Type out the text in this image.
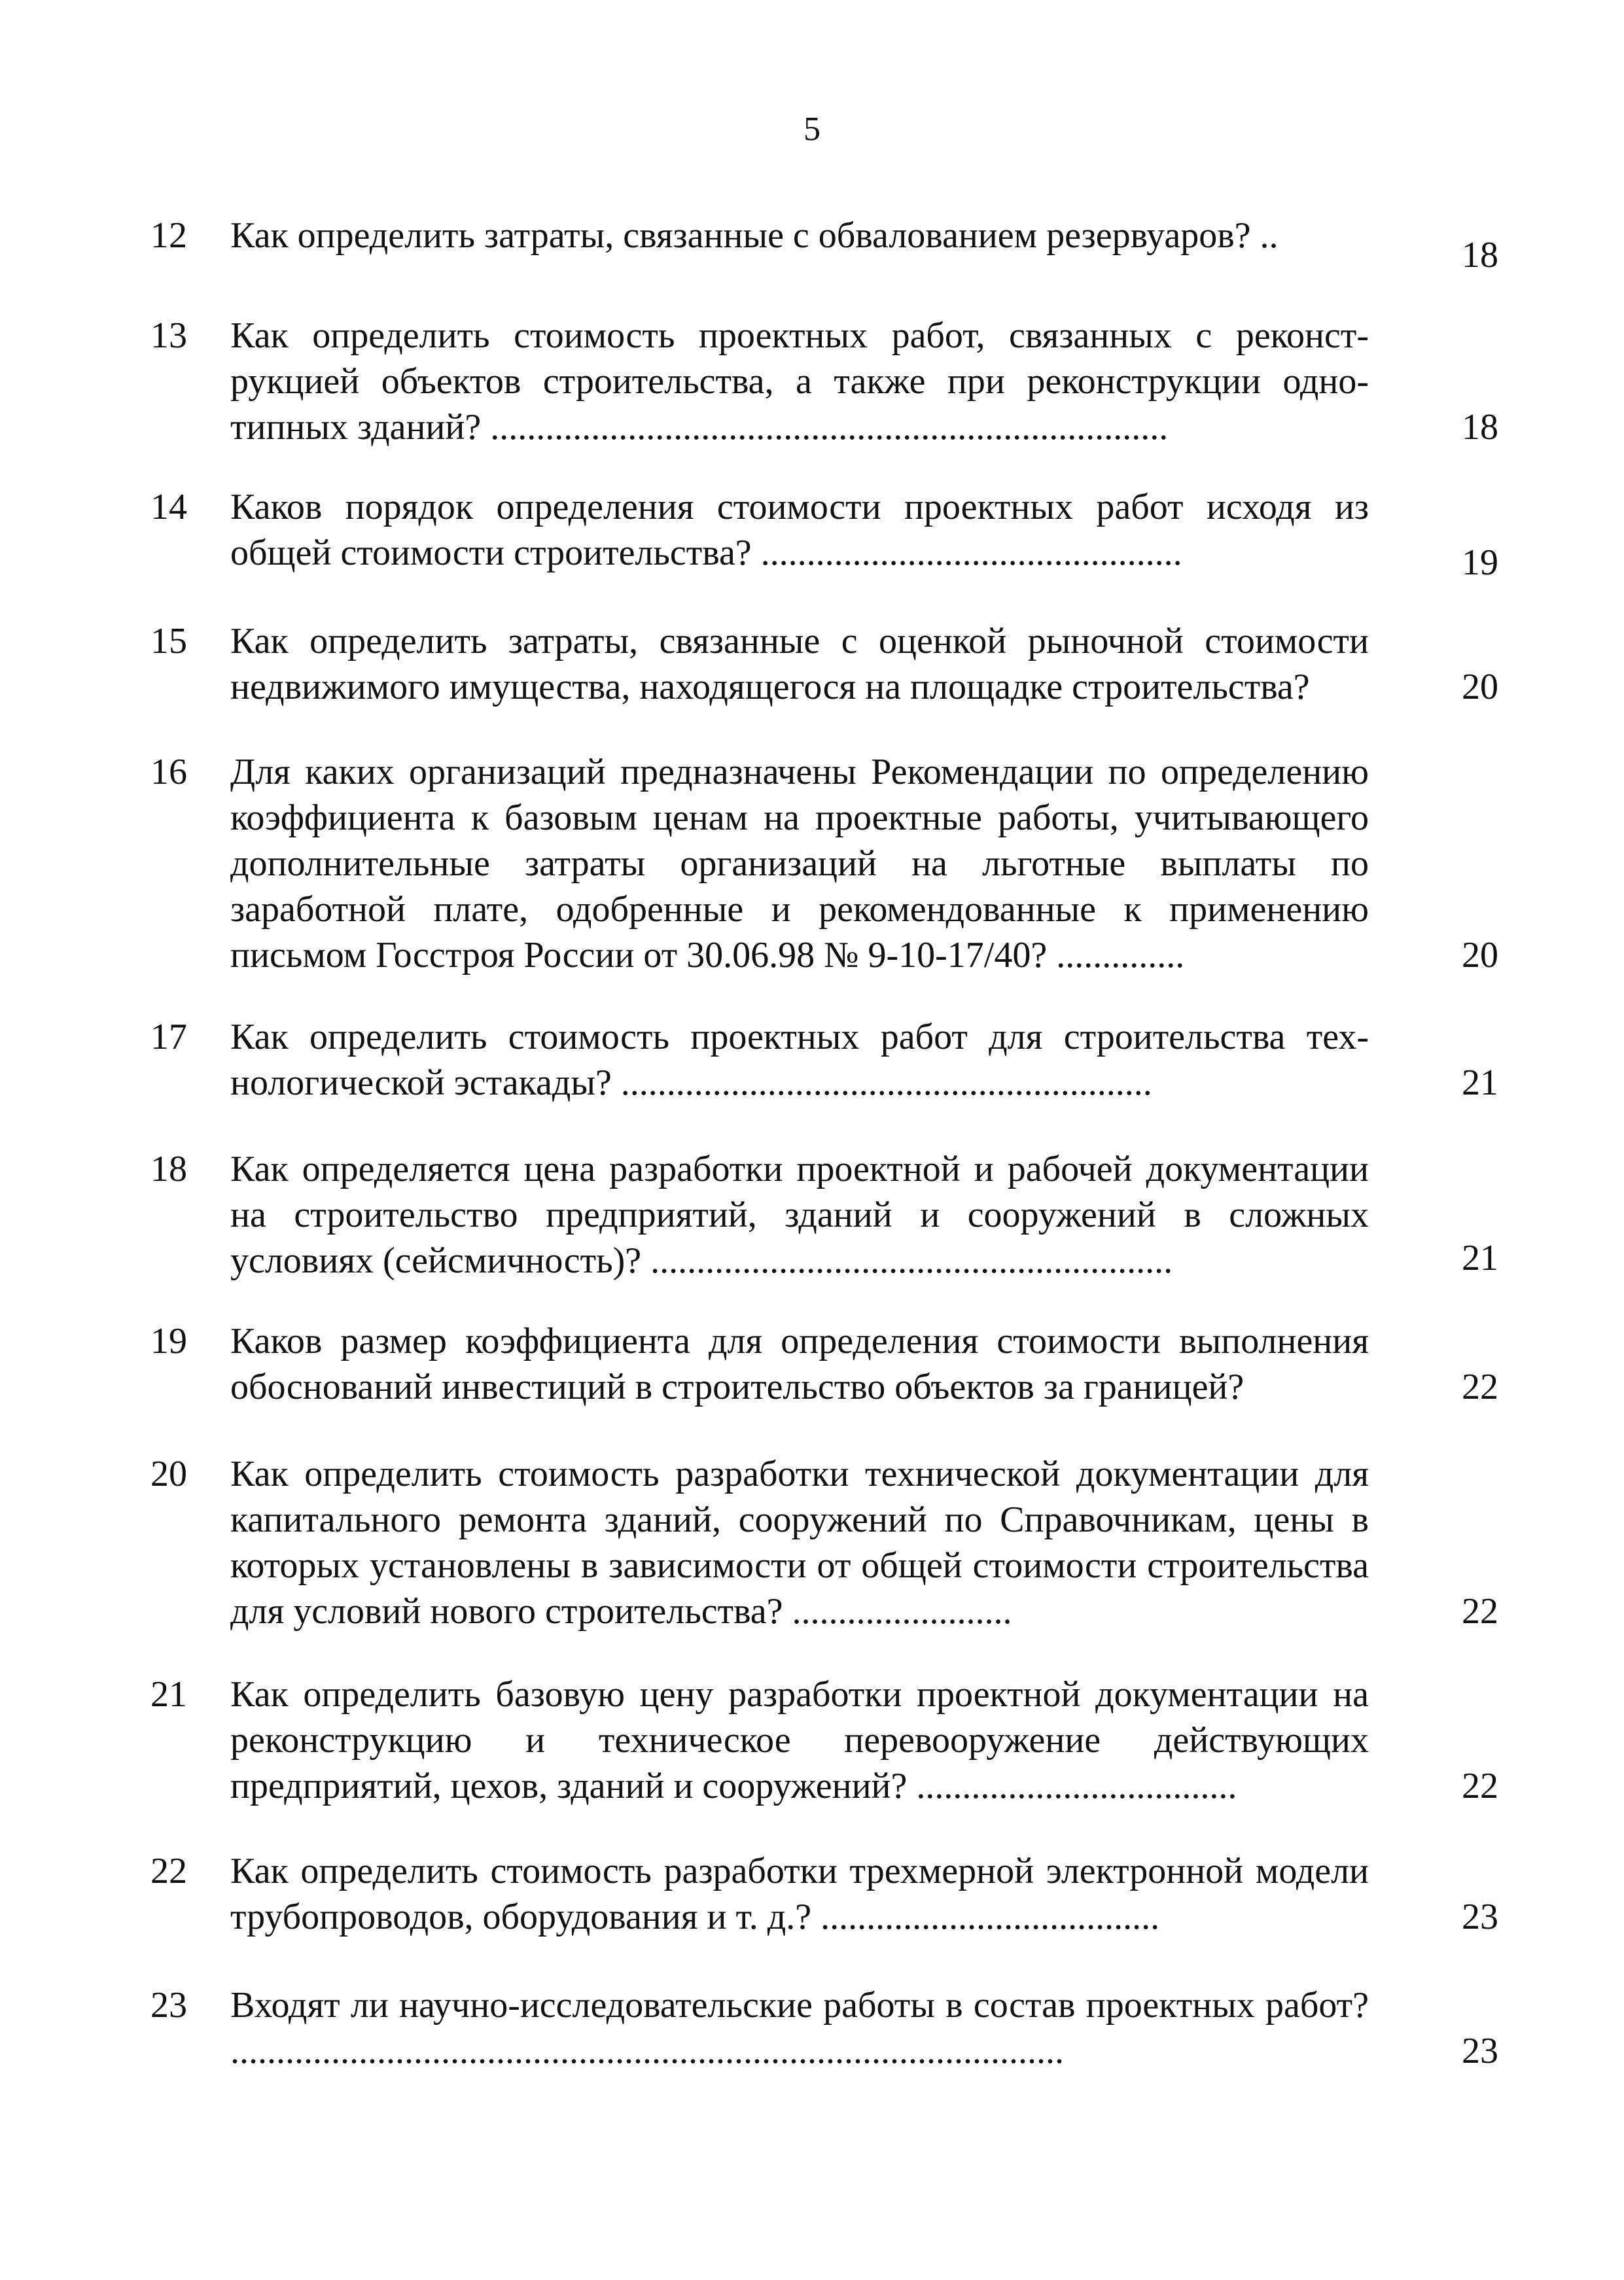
5
12 Как определить затраты, связанные с обвалованием резервуаров? ..	18
13 Как определить стоимость проектных работ, связанных с реконструкцией объектов строительства, а также при реконструкции однотипных зданий? ..........................................................................	18
14 Каков порядок определения стоимости проектных работ исходя из общей стоимости строительства? ..............................................	19
15 Как определить затраты, связанные с оценкой рыночной стоимости недвижимого имущества, находящегося на площадке строительства?	20
16 Для каких организаций предназначены Рекомендации по определению коэффициента к базовым ценам на проектные работы, учитывающего дополнительные затраты организаций на льготные выплаты по заработной плате, одобренные и рекомендованные к применению письмом Госстроя России от 30.06.98 № 9-10-17/40? ..............	20
17 Как определить стоимость проектных работ для строительства технологической эстакады? ..........................................................	21
18 Как определяется цена разработки проектной и рабочей документации на строительство предприятий, зданий и сооружений в сложных условиях (сейсмичность)? .........................................................	21
19 Каков размер коэффициента для определения стоимости выполнения обоснований инвестиций в строительство объектов за границей?	22
20 Как определить стоимость разработки технической документации для капитального ремонта зданий, сооружений по Справочникам, цены в которых установлены в зависимости от общей стоимости строительства для условий нового строительства? ........................	22
21 Как определить базовую цену разработки проектной документации на реконструкцию и техническое перевооружение действующих предприятий, цехов, зданий и сооружений? ...................................	22
22 Как определить стоимость разработки трехмерной электронной модели трубопроводов, оборудования и т. д.? .....................................	23
23 Входят ли научно-исследовательские работы в состав проектных работ? ...........................................................................................	23
